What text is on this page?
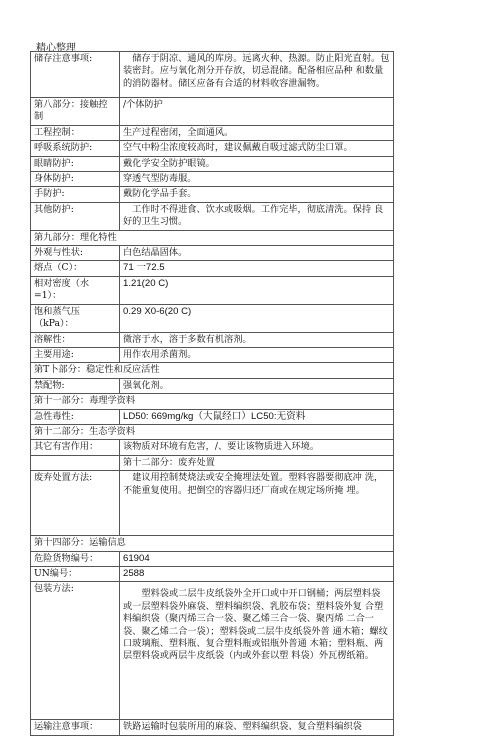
精心整理
储存注意事项:	储存于阴凉、通风的库房。远离火种、热源。防止阳光直射。包装密封。应与氧化剂分开存放，切忌混储。配备相应品种 和数量的消防器材。储区应备有合适的材料收容泄漏物。
第八部分：接触控制	/个体防护
工程控制：	生产过程密闭，全面通风。
呼吸系统防护:	空气中粉尘浓度较高时，建议佩戴自吸过滤式防尘口罩。
眼睛防护:	戴化学安全防护眼镜。
身体防护:	穿透气型防毒服。
手防护:	戴防化学品手套。
其他防护:	工作时不得进食、饮水或吸烟。工作完毕，彻底清洗。保持 良好的卫生习惯。
第九部分：理化特性	
外观与性状:	白色结晶固体。
熔点（C）：	71 一72.5
相对密度（水=1）：	1.21(20 C)
饱和蒸气压（kPa）：	0.29 X0-6(20 C)
溶解性：	微溶于水，溶于多数有机溶剂。
主要用途:	用作农用杀菌剂。
第T卜部分：稳定性和反应活性	
禁配物:	强氧化剂。
第十一部分：毒理学资料	
急性毒性:	LD50: 669mg/kg（大鼠经口）LC50:无资料
第十二部分：生态学资料	
其它有害作用：	该物质对环境有危害，/、要让该物质进入环境。
	第十二部分：废弃处置
废弃处置方法:	建议用控制焚烧法或安全掩埋法处置。塑料容器要彻底冲 洗，不能重复使用。把倒空的容器归还厂商或在规定场所掩 埋。
第十四部分：运输信息	
危险货物编号：	61904
UN编号：	2588
包装方法:	塑料袋或二层牛皮纸袋外全开口或中开口钢桶；两层塑料袋 或一层塑料袋外麻袋、塑料编织袋、乳胶布袋；塑料袋外复 合塑料编织袋（聚丙烯三合一袋、聚乙烯三合一袋、聚丙烯 二合一袋、聚乙烯二合一袋）；塑料袋或二层牛皮纸袋外普 通木箱；螺纹口玻璃瓶、塑料瓶、复合塑料瓶或铝瓶外普通 木箱；塑料瓶、两层塑料袋或两层牛皮纸袋（内或外套以塑 料袋）外瓦楞纸箱。
运输注意事项：	铁路运输时包装所用的麻袋、塑料编织袋、复合塑料编织袋
